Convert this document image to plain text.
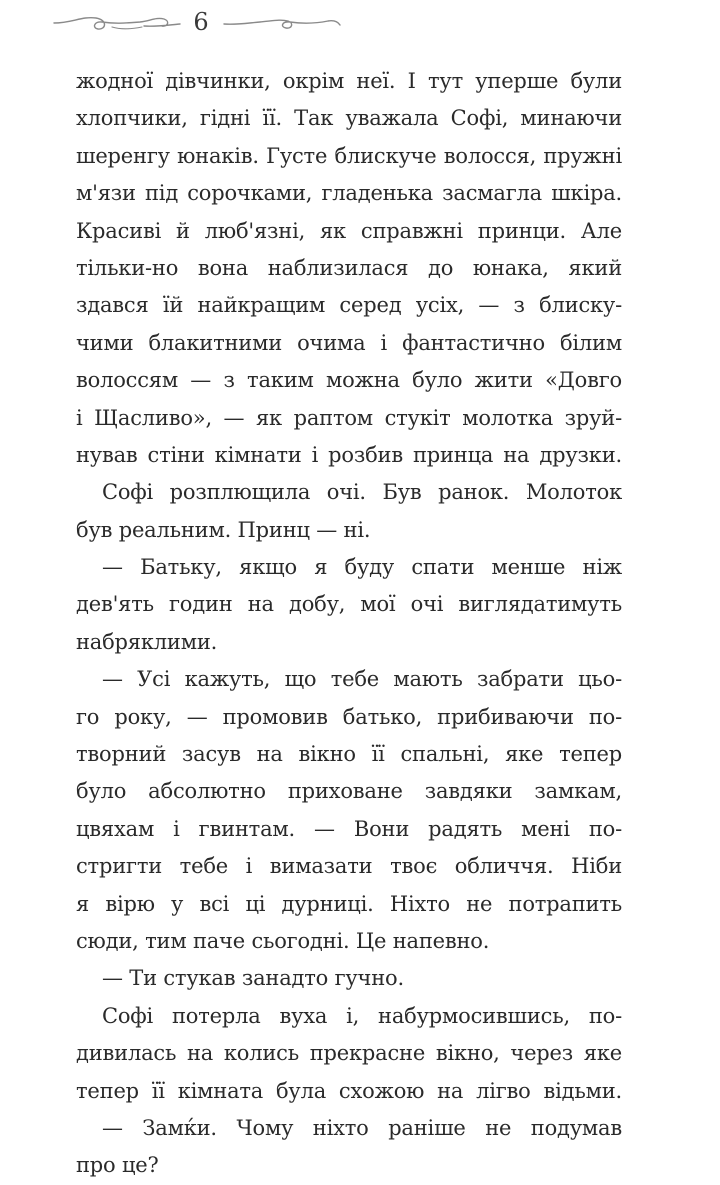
6
жодної дівчинки, окрім неї. І тут уперше були
хлопчики, гідні її. Так уважала Софі, минаючи
шеренгу юнаків. Густе блискуче волосся, пружні
м'язи під сорочками, гладенька засмагла шкіра.
Красиві й люб'язні, як справжні принци. Але
тільки-но вона наблизилася до юнака, який
здався їй найкращим серед усіх, — з блиску-
чими блакитними очима і фантастично білим
волоссям — з таким можна було жити «Довго
і Щасливо», — як раптом стукіт молотка зруй-
нував стіни кімнати і розбив принца на друзки.
Софі розплющила очі. Був ранок. Молоток
був реальним. Принц — ні.
— Батьку, якщо я буду спати менше ніж
дев'ять годин на добу, мої очі виглядатимуть
набряклими.
— Усі кажуть, що тебе мають забрати цьо-
го року, — промовив батько, прибиваючи по-
творний засув на вікно її спальні, яке тепер
було абсолютно приховане завдяки замкам,
цвяхам і гвинтам. — Вони радять мені по-
стригти тебе і вимазати твоє обличчя. Ніби
я вірю у всі ці дурниці. Ніхто не потрапить
сюди, тим паче сьогодні. Це напевно.
— Ти стукав занадто гучно.
Софі потерла вуха і, набурмосившись, по-
дивилась на колись прекрасне вікно, через яке
тепер її кімната була схожою на лігво відьми.
— Замќи. Чому ніхто раніше не подумав
про це?
